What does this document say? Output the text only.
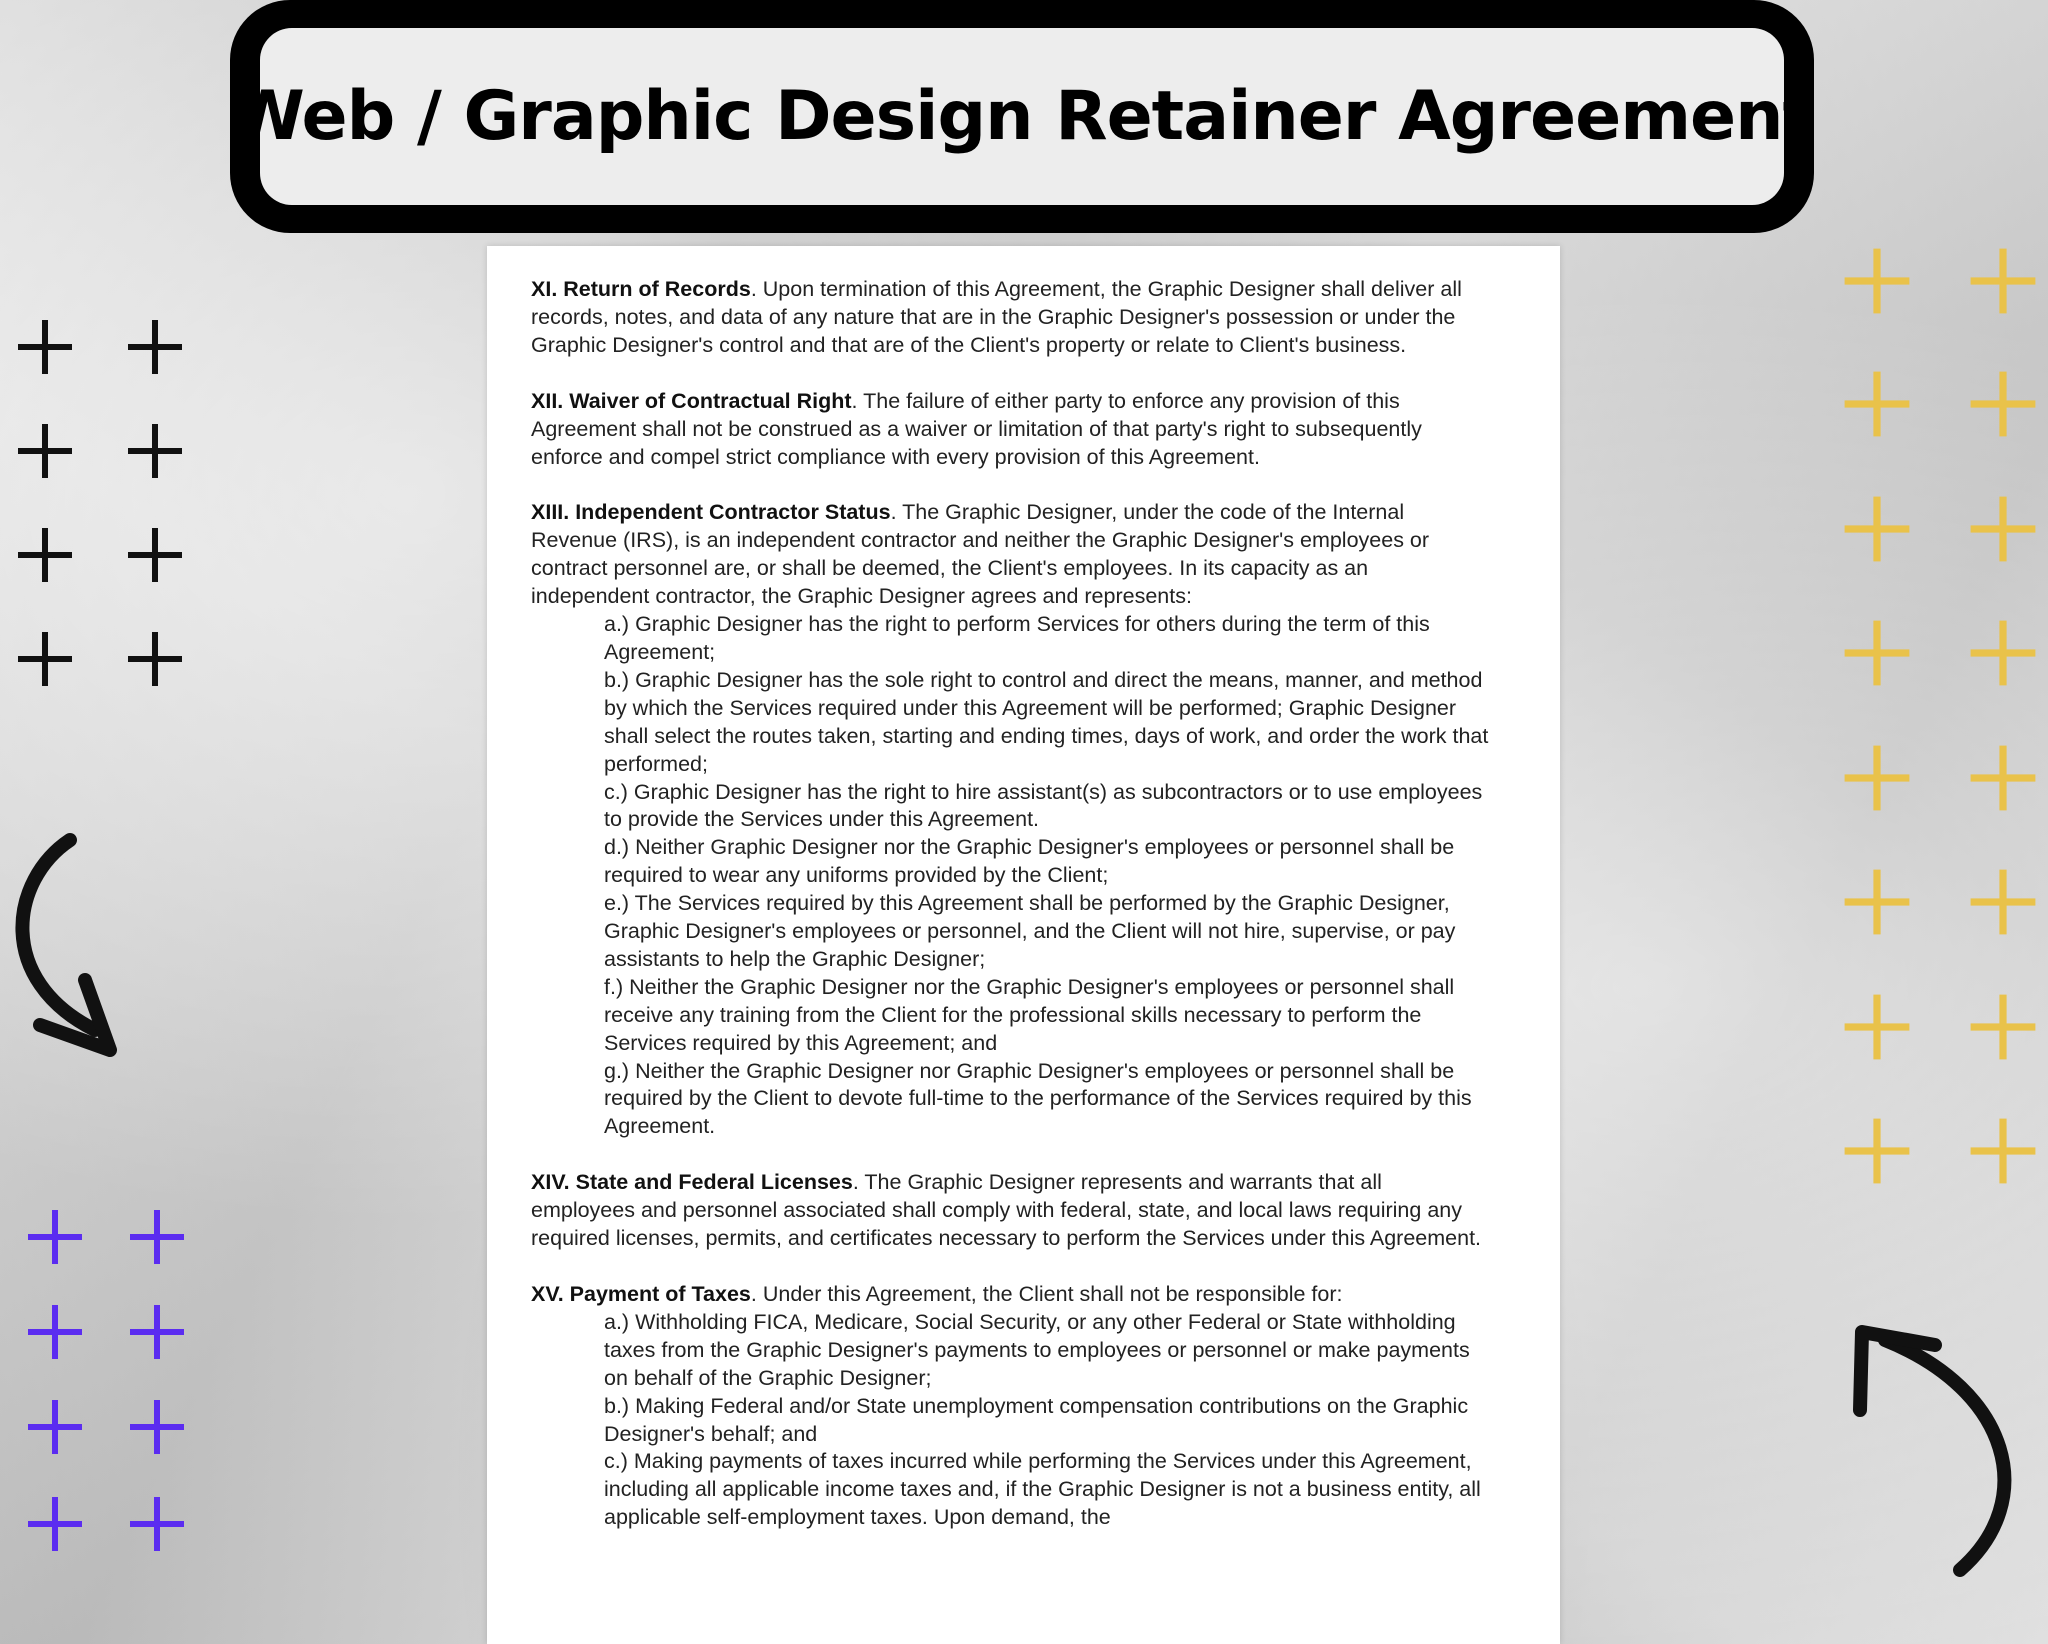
Web / Graphic Design Retainer Agreement
XI. Return of Records. Upon termination of this Agreement, the Graphic Designer shall deliver all records, notes, and data of any nature that are in the Graphic Designer's possession or under the Graphic Designer's control and that are of the Client's property or relate to Client's business.
XII. Waiver of Contractual Right. The failure of either party to enforce any provision of this Agreement shall not be construed as a waiver or limitation of that party's right to subsequently enforce and compel strict compliance with every provision of this Agreement.
XIII. Independent Contractor Status. The Graphic Designer, under the code of the Internal Revenue (IRS), is an independent contractor and neither the Graphic Designer's employees or contract personnel are, or shall be deemed, the Client's employees. In its capacity as an independent contractor, the Graphic Designer agrees and represents:

a.) Graphic Designer has the right to perform Services for others during the term of this Agreement;

b.) Graphic Designer has the sole right to control and direct the means, manner, and method by which the Services required under this Agreement will be performed; Graphic Designer shall select the routes taken, starting and ending times, days of work, and order the work that performed;

c.) Graphic Designer has the right to hire assistant(s) as subcontractors or to use employees to provide the Services under this Agreement.

d.) Neither Graphic Designer nor the Graphic Designer's employees or personnel shall be required to wear any uniforms provided by the Client;

e.) The Services required by this Agreement shall be performed by the Graphic Designer, Graphic Designer's employees or personnel, and the Client will not hire, supervise, or pay assistants to help the Graphic Designer;

f.) Neither the Graphic Designer nor the Graphic Designer's employees or personnel shall receive any training from the Client for the professional skills necessary to perform the Services required by this Agreement; and

g.) Neither the Graphic Designer nor Graphic Designer's employees or personnel shall be required by the Client to devote full-time to the performance of the Services required by this Agreement.

XIV. State and Federal Licenses. The Graphic Designer represents and warrants that all employees and personnel associated shall comply with federal, state, and local laws requiring any required licenses, permits, and certificates necessary to perform the Services under this Agreement.
XV. Payment of Taxes. Under this Agreement, the Client shall not be responsible for:

a.) Withholding FICA, Medicare, Social Security, or any other Federal or State withholding taxes from the Graphic Designer's payments to employees or personnel or make payments on behalf of the Graphic Designer;

b.) Making Federal and/or State unemployment compensation contributions on the Graphic Designer's behalf; and

c.) Making payments of taxes incurred while performing the Services under this Agreement, including all applicable income taxes and, if the Graphic Designer is not a business entity, all applicable self-employment taxes. Upon demand, the
